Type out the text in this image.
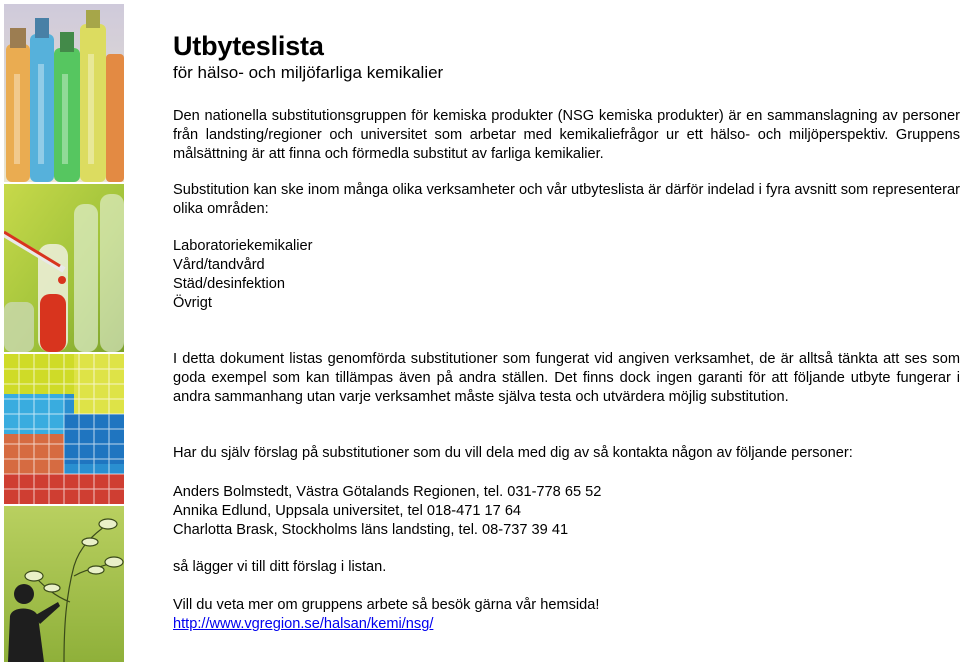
Utbyteslista

för hälso- och miljöfarliga kemikalier

Den nationella substitutionsgruppen för kemiska produkter (NSG kemiska produkter) är en sammanslagning av personer från landsting/regioner och universitet som arbetar med kemikaliefrågor ur ett hälso- och miljöperspektiv. Gruppens målsättning är att finna och förmedla substitut av farliga kemikalier.

Substitution kan ske inom många olika verksamheter och vår utbyteslista är därför indelad i fyra avsnitt som representerar olika områden:

Laboratoriekemikalier
Vård/tandvård
Städ/desinfektion
Övrigt

I detta dokument listas genomförda substitutioner som fungerat vid angiven verksamhet, de är alltså tänkta att ses som goda exempel som kan tillämpas även på andra ställen. Det finns dock ingen garanti för att följande utbyte fungerar i andra sammanhang utan varje verksamhet måste själva testa och utvärdera möjlig substitution.

Har du själv förslag på substitutioner som du vill dela med dig av så kontakta någon av följande personer:

Anders Bolmstedt, Västra Götalands Regionen, tel. 031-778 65 52
Annika Edlund, Uppsala universitet, tel 018-471 17 64
Charlotta Brask, Stockholms läns landsting, tel. 08-737 39 41

så lägger vi till ditt förslag i listan.

Vill du veta mer om gruppens arbete så besök gärna vår hemsida!

http://www.vgregion.se/halsan/kemi/nsg/
